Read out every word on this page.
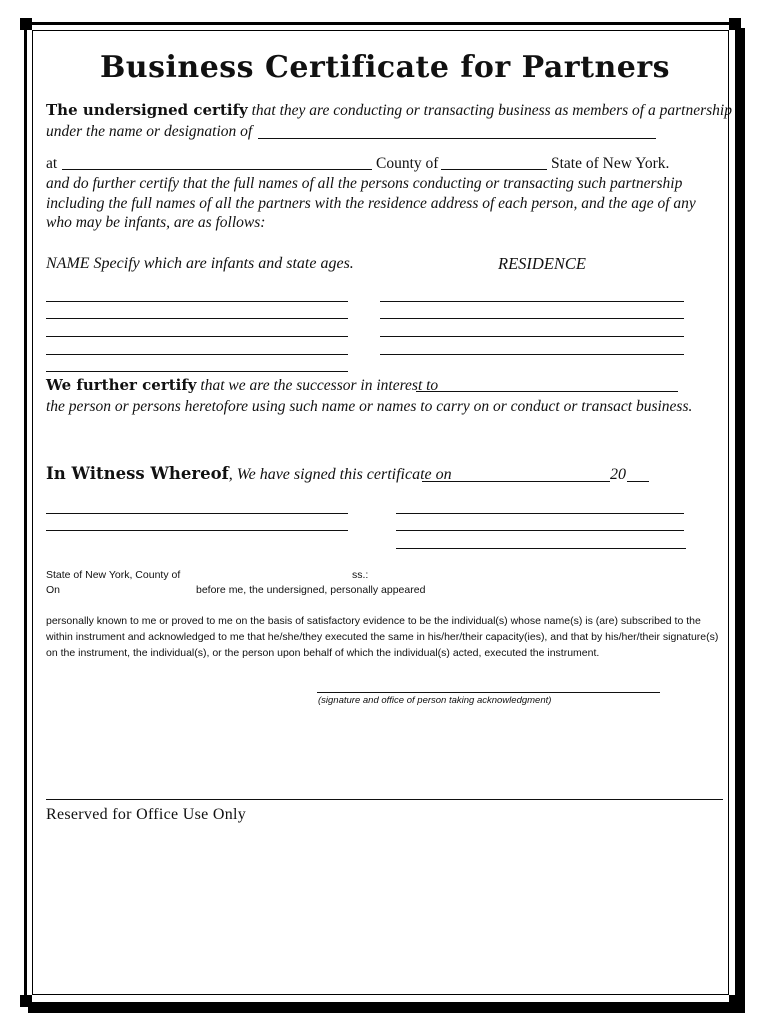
Business Certificate for Partners
The undersigned certify that they are conducting or transacting business as members of a partnership
under the name or designation of
at	County of	State of New York.
and do further certify that the full names of all the persons conducting or transacting such partnership including the full names of all the partners with the residence address of each person, and the age of any who may be infants, are as follows:
NAME Specify which are infants and state ages.	RESIDENCE
We further certify that we are the successor in interest to
the person or persons heretofore using such name or names to carry on or conduct or transact business.
In Witness Whereof, We have signed this certificate on	20
State of New York, County of	ss.:
On	before me, the undersigned, personally appeared
personally known to me or proved to me on the basis of satisfactory evidence to be the individual(s) whose name(s) is (are) subscribed to the within instrument and acknowledged to me that he/she/they executed the same in his/her/their capacity(ies), and that by his/her/their signature(s) on the instrument, the individual(s), or the person upon behalf of which the individual(s) acted, executed the instrument.
(signature and office of person taking acknowledgment)
Reserved for Office Use Only
